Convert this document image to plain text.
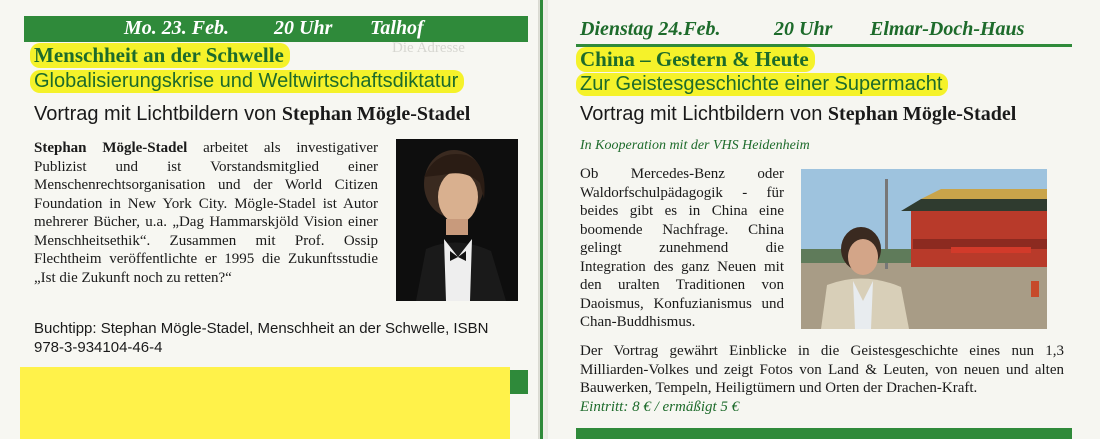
Mo. 23. Feb. 20 Uhr Talhof
Menschheit an der Schwelle
Globalisierungskrise und Weltwirtschaftsdiktatur
Vortrag mit Lichtbildern von Stephan Mögle-Stadel
Stephan Mögle-Stadel arbeitet als investigativer Publizist und ist Vorstandsmitglied einer Menschenrechtsorganisation und der World Citizen Foundation in New York City. Mögle-Stadel ist Autor mehrerer Bücher, u.a. „Dag Hammarskjöld Vision einer Menschheitsethik“. Zusammen mit Prof. Ossip Flechtheim veröffentlichte er 1995 die Zukunftsstudie „Ist die Zukunft noch zu retten?“
Buchtipp: Stephan Mögle-Stadel, Menschheit an der Schwelle, ISBN 978-3-934104-46-4
Die Adresse
Dienstag 24.Feb.	20 Uhr Elmar-Doch-Haus
China – Gestern & Heute
Zur Geistesgeschichte einer Supermacht
Vortrag mit Lichtbildern von Stephan Mögle-Stadel
In Kooperation mit der VHS Heidenheim
Ob Mercedes-Benz oder Waldorfschulpädagogik - für beides gibt es in China eine boomende Nachfrage. China gelingt zunehmend die Integration des ganz Neuen mit den uralten Traditionen von Daoismus, Konfuzianismus und Chan-Buddhismus.
Der Vortrag gewährt Einblicke in die Geistesgeschichte eines nun 1,3 Milliarden-Volkes und zeigt Fotos von Land & Leuten, von neuen und alten Bauwerken, Tempeln, Heiligtümern und Orten der Drachen-Kraft.
Eintritt: 8 € / ermäßigt 5 €
